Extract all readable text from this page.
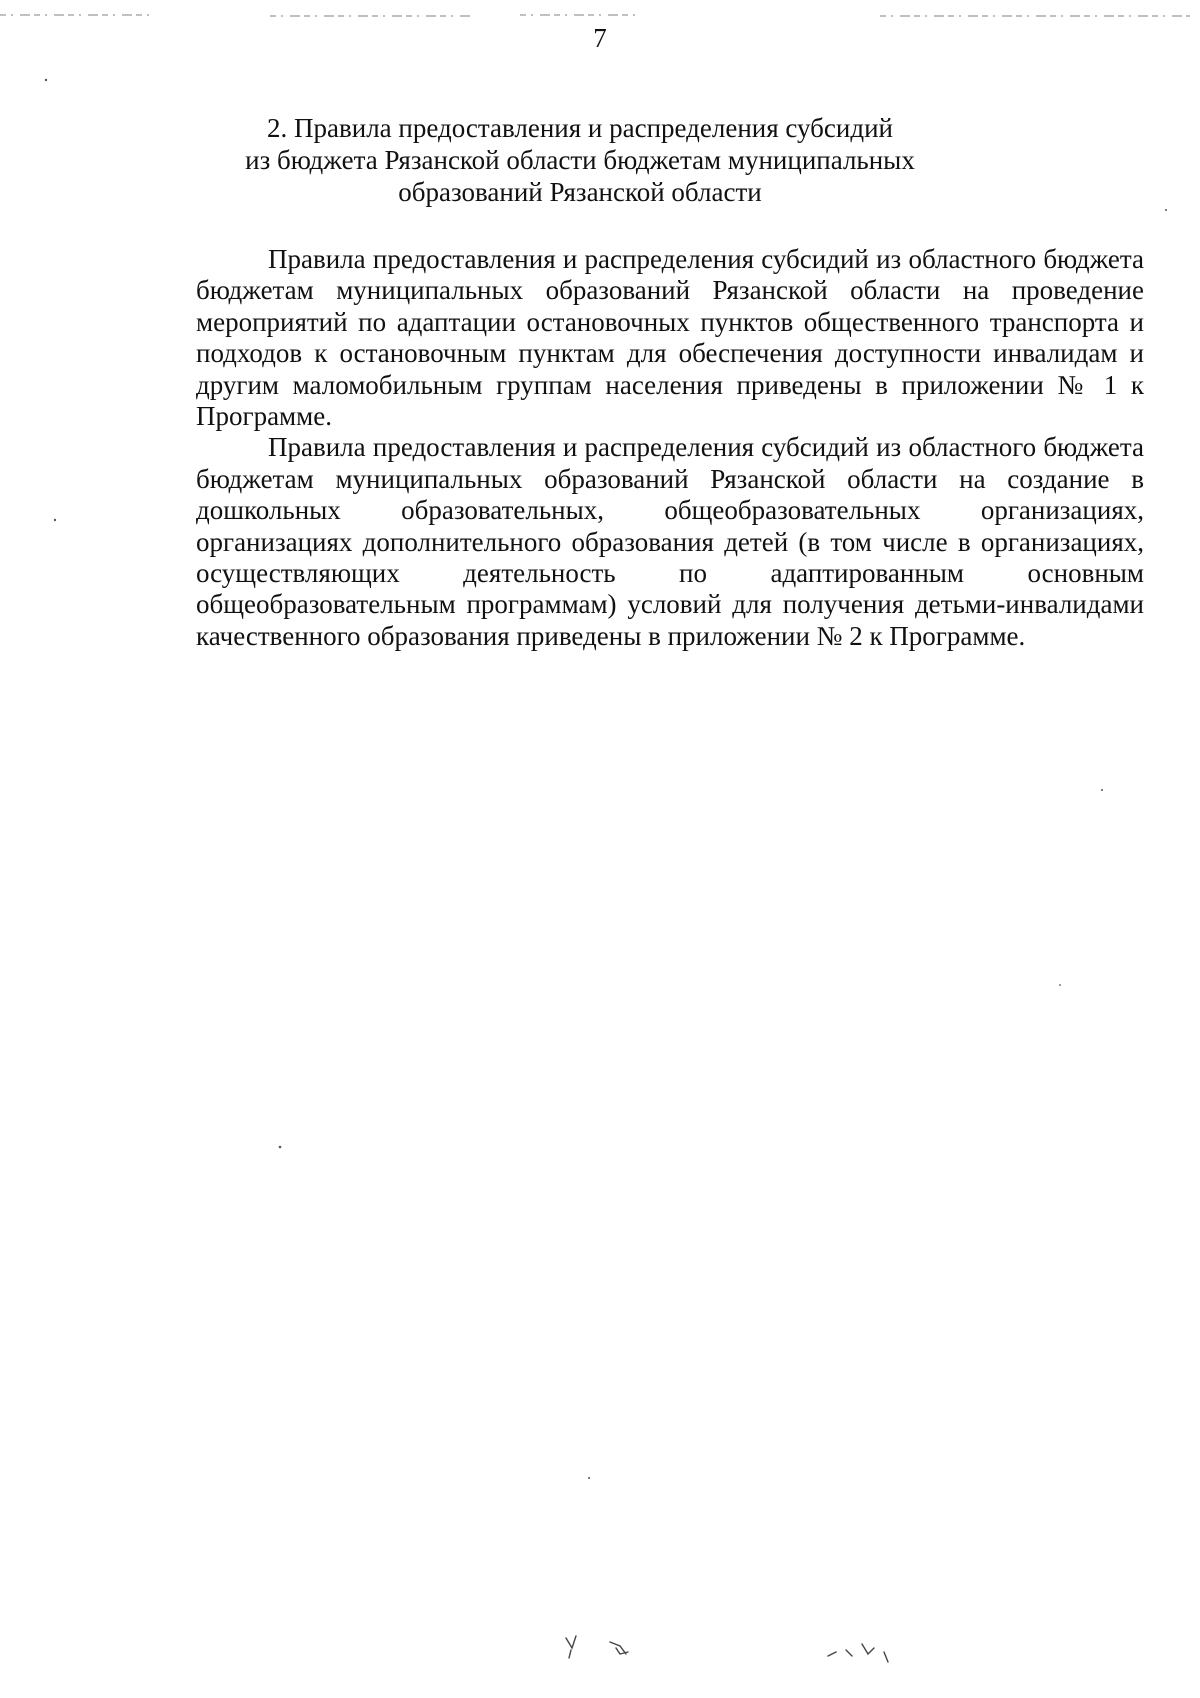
7
2. Правила предоставления и распределения субсидий
из бюджета Рязанской области бюджетам муниципальных
образований Рязанской области

Правила предоставления и распределения субсидий из областного бюджета бюджетам муниципальных образований Рязанской области на проведение мероприятий по адаптации остановочных пунктов общественного транспорта и подходов к остановочным пунктам для обеспечения доступности инвалидам и другим маломобильным группам населения приведены в приложении № 1 к Программе.

Правила предоставления и распределения субсидий из областного бюджета бюджетам муниципальных образований Рязанской области на создание в дошкольных образовательных, общеобразовательных организациях, организациях дополнительного образования детей (в том числе в организациях, осуществляющих деятельность по адаптированным основным общеобразовательным программам) условий для получения детьми-инвалидами качественного образования приведены в приложении № 2 к Программе.
